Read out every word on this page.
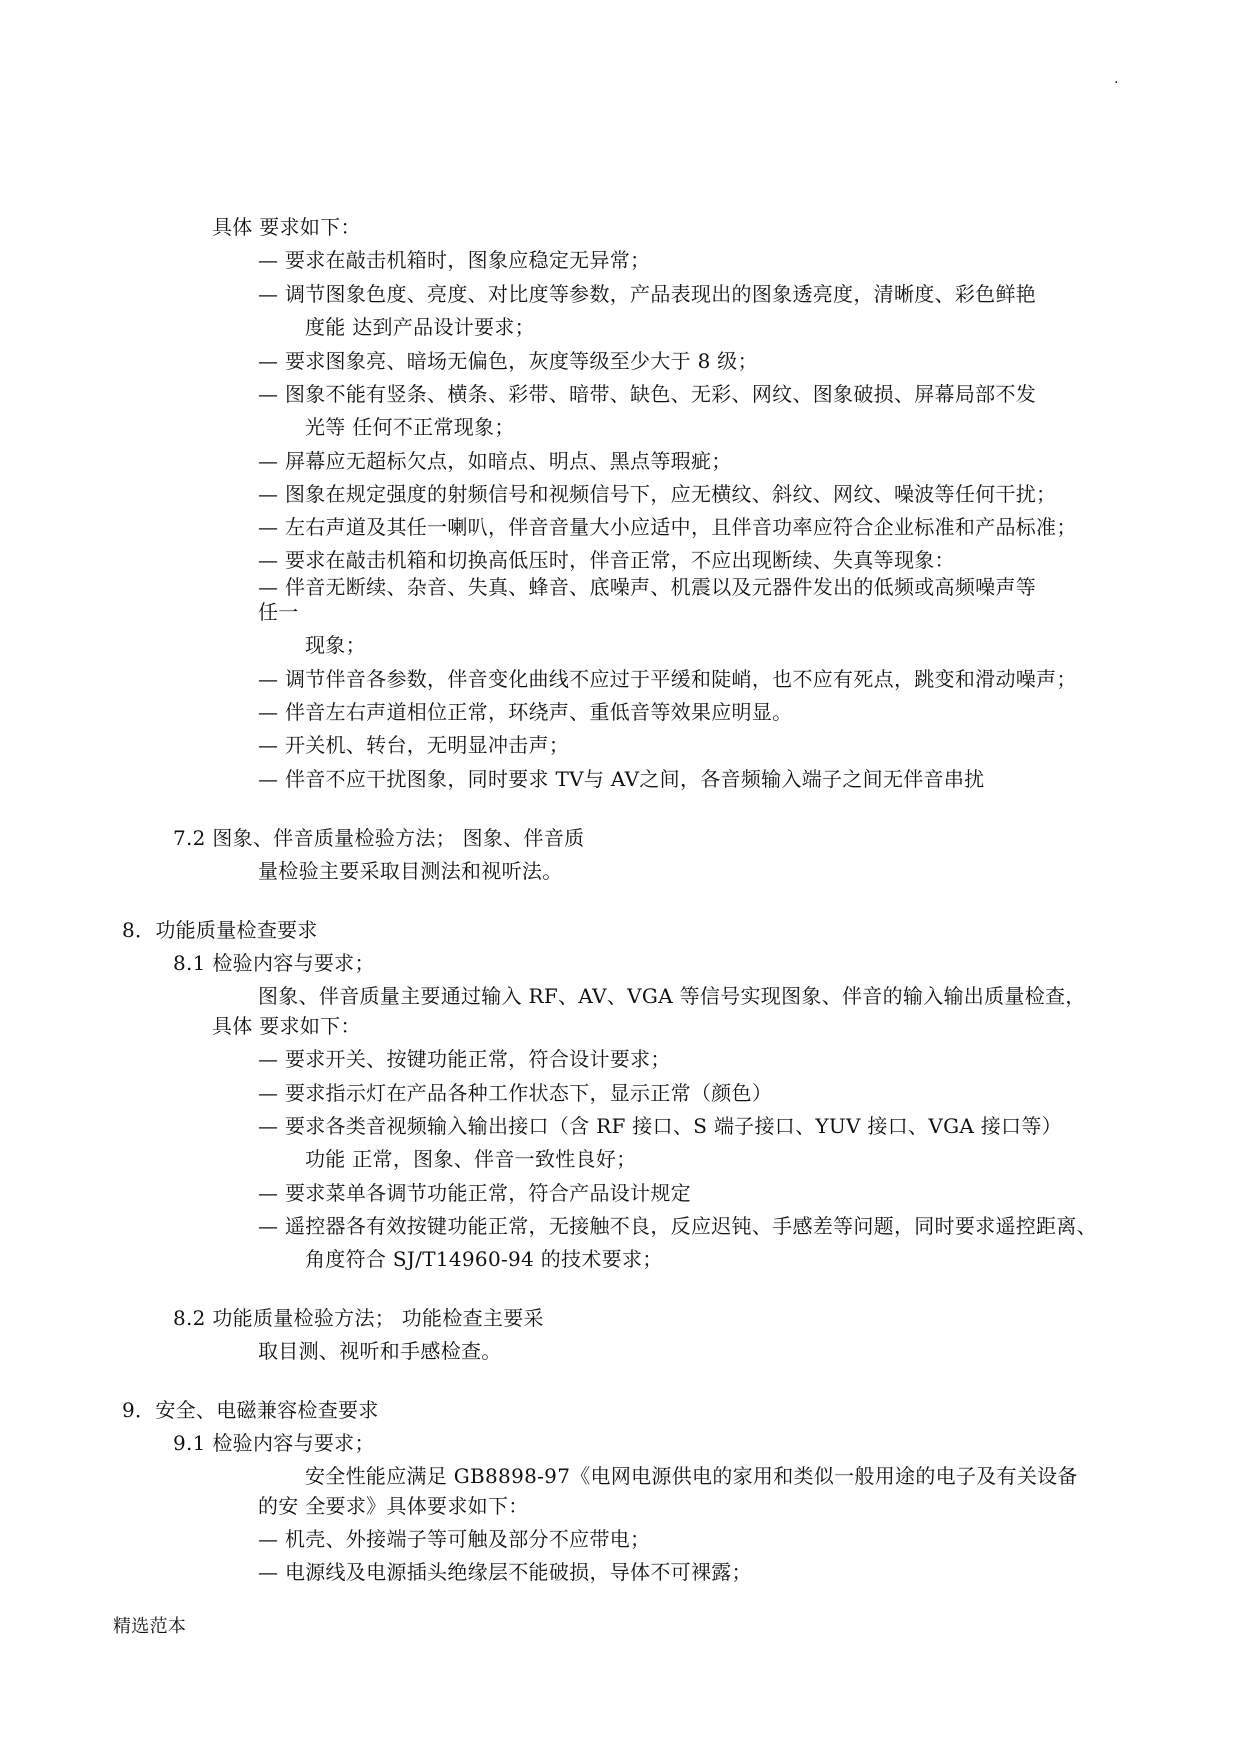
.

具体 要求如下：

— 要求在敲击机箱时，图象应稳定无异常；

— 调节图象色度、亮度、对比度等参数，产品表现出的图象透亮度，清晰度、彩色鲜艳

度能 达到产品设计要求；

— 要求图象亮、暗场无偏色，灰度等级至少大于 8 级；

— 图象不能有竖条、横条、彩带、暗带、缺色、无彩、网纹、图象破损、屏幕局部不发

光等 任何不正常现象；

— 屏幕应无超标欠点，如暗点、明点、黑点等瑕疵；

— 图象在规定强度的射频信号和视频信号下，应无横纹、斜纹、网纹、噪波等任何干扰；

— 左右声道及其任一喇叭，伴音音量大小应适中，且伴音功率应符合企业标准和产品标准；

— 要求在敲击机箱和切换高低压时，伴音正常，不应出现断续、失真等现象：

— 伴音无断续、杂音、失真、蜂音、底噪声、机震以及元器件发出的低频或高频噪声等

任一

现象；

— 调节伴音各参数，伴音变化曲线不应过于平缓和陡峭，也不应有死点，跳变和滑动噪声；

— 伴音左右声道相位正常，环绕声、重低音等效果应明显。

— 开关机、转台，无明显冲击声；

— 伴音不应干扰图象，同时要求 TV与 AV之间，各音频输入端子之间无伴音串扰

7.2 图象、伴音质量检验方法； 图象、伴音质

量检验主要采取目测法和视听法。

8．功能质量检查要求

8.1 检验内容与要求；

图象、伴音质量主要通过输入 RF、AV、VGA 等信号实现图象、伴音的输入输出质量检查，

具体 要求如下：

— 要求开关、按键功能正常，符合设计要求；

— 要求指示灯在产品各种工作状态下，显示正常（颜色）

— 要求各类音视频输入输出接口（含 RF 接口、S 端子接口、YUV 接口、VGA 接口等）

功能 正常，图象、伴音一致性良好；

— 要求菜单各调节功能正常，符合产品设计规定

— 遥控器各有效按键功能正常，无接触不良，反应迟钝、手感差等问题，同时要求遥控距离、

角度符合 SJ/T14960-94 的技术要求；

8.2 功能质量检验方法； 功能检查主要采

取目测、视听和手感检查。

9．安全、电磁兼容检查要求

9.1 检验内容与要求；

安全性能应满足 GB8898-97《电网电源供电的家用和类似一般用途的电子及有关设备

的安 全要求》具体要求如下：

— 机壳、外接端子等可触及部分不应带电；

— 电源线及电源插头绝缘层不能破损，导体不可裸露；

精选范本
